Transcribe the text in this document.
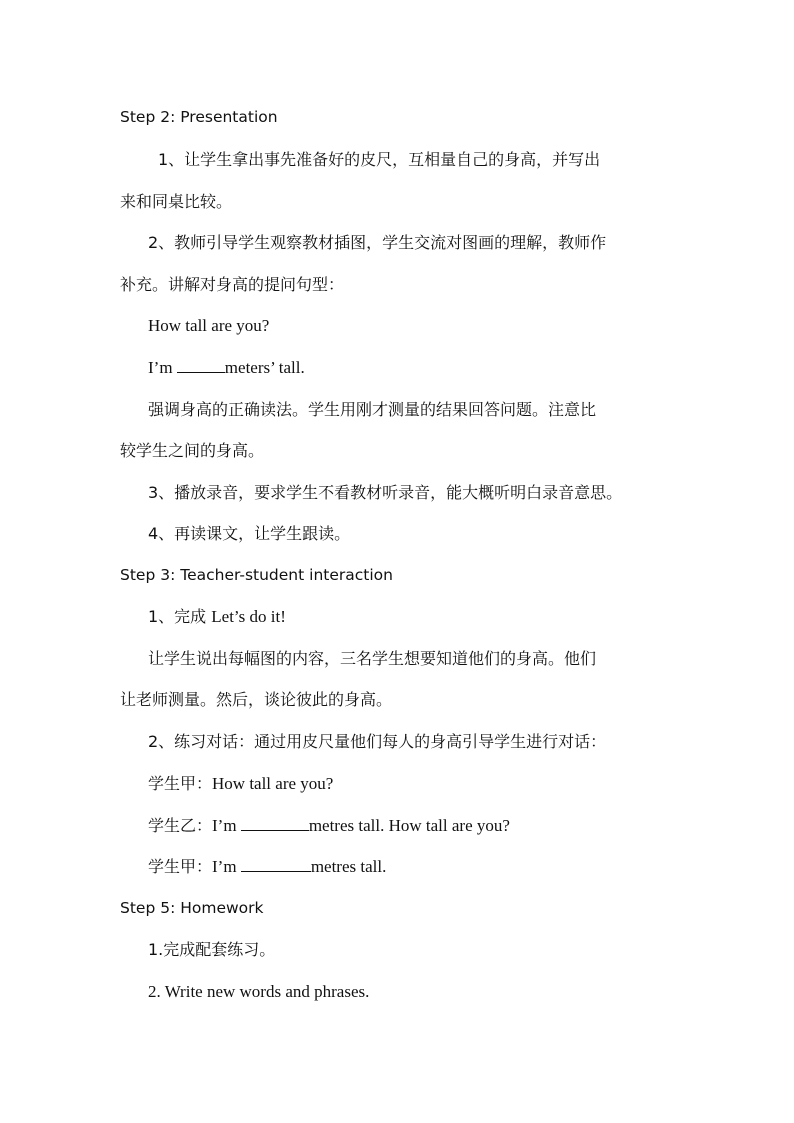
Step 2: Presentation
1、让学生拿出事先准备好的皮尺，互相量自己的身高，并写出
来和同桌比较。
2、教师引导学生观察教材插图，学生交流对图画的理解，教师作
补充。讲解对身高的提问句型：
How tall are you?
I’m	meters’ tall.
强调身高的正确读法。学生用刚才测量的结果回答问题。注意比
较学生之间的身高。
3、播放录音，要求学生不看教材听录音，能大概听明白录音意思。
4、再读课文，让学生跟读。
Step 3: Teacher-student interaction
1、完成 Let’s do it!
让学生说出每幅图的内容，三名学生想要知道他们的身高。他们
让老师测量。然后，谈论彼此的身高。
2、练习对话：通过用皮尺量他们每人的身高引导学生进行对话：
学生甲：How tall are you?
学生乙：I’m	metres tall. How tall are you?
学生甲：I’m	metres tall.
Step 5: Homework
1.完成配套练习。
2. Write new words and phrases.
